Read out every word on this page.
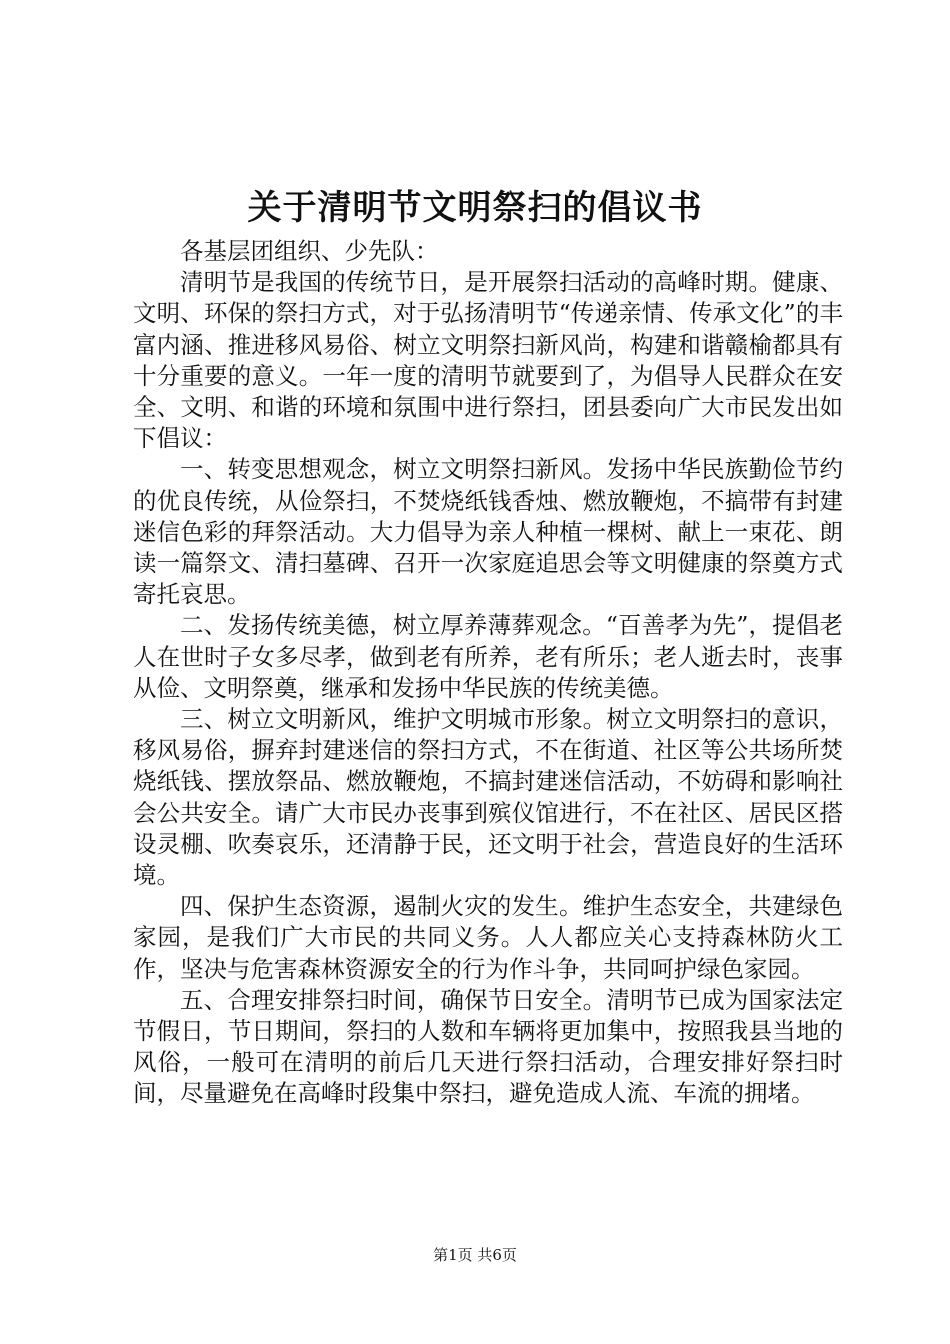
关于清明节文明祭扫的倡议书

各基层团组织、少先队：

清明节是我国的传统节日，是开展祭扫活动的高峰时期。健康、文明、环保的祭扫方式，对于弘扬清明节“传递亲情、传承文化”的丰富内涵、推进移风易俗、树立文明祭扫新风尚，构建和谐赣榆都具有十分重要的意义。一年一度的清明节就要到了，为倡导人民群众在安全、文明、和谐的环境和氛围中进行祭扫，团县委向广大市民发出如下倡议：

一、转变思想观念，树立文明祭扫新风。发扬中华民族勤俭节约的优良传统，从俭祭扫，不焚烧纸钱香烛、燃放鞭炮，不搞带有封建迷信色彩的拜祭活动。大力倡导为亲人种植一棵树、献上一束花、朗读一篇祭文、清扫墓碑、召开一次家庭追思会等文明健康的祭奠方式寄托哀思。

二、发扬传统美德，树立厚养薄葬观念。“百善孝为先”，提倡老人在世时子女多尽孝，做到老有所养，老有所乐；老人逝去时，丧事从俭、文明祭奠，继承和发扬中华民族的传统美德。

三、树立文明新风，维护文明城市形象。树立文明祭扫的意识，移风易俗，摒弃封建迷信的祭扫方式，不在街道、社区等公共场所焚烧纸钱、摆放祭品、燃放鞭炮，不搞封建迷信活动，不妨碍和影响社会公共安全。请广大市民办丧事到殡仪馆进行，不在社区、居民区搭设灵棚、吹奏哀乐，还清静于民，还文明于社会，营造良好的生活环境。

四、保护生态资源，遏制火灾的发生。维护生态安全，共建绿色家园，是我们广大市民的共同义务。人人都应关心支持森林防火工作，坚决与危害森林资源安全的行为作斗争，共同呵护绿色家园。

五、合理安排祭扫时间，确保节日安全。清明节已成为国家法定节假日，节日期间，祭扫的人数和车辆将更加集中，按照我县当地的风俗，一般可在清明的前后几天进行祭扫活动，合理安排好祭扫时间，尽量避免在高峰时段集中祭扫，避免造成人流、车流的拥堵。

第1页 共6页
